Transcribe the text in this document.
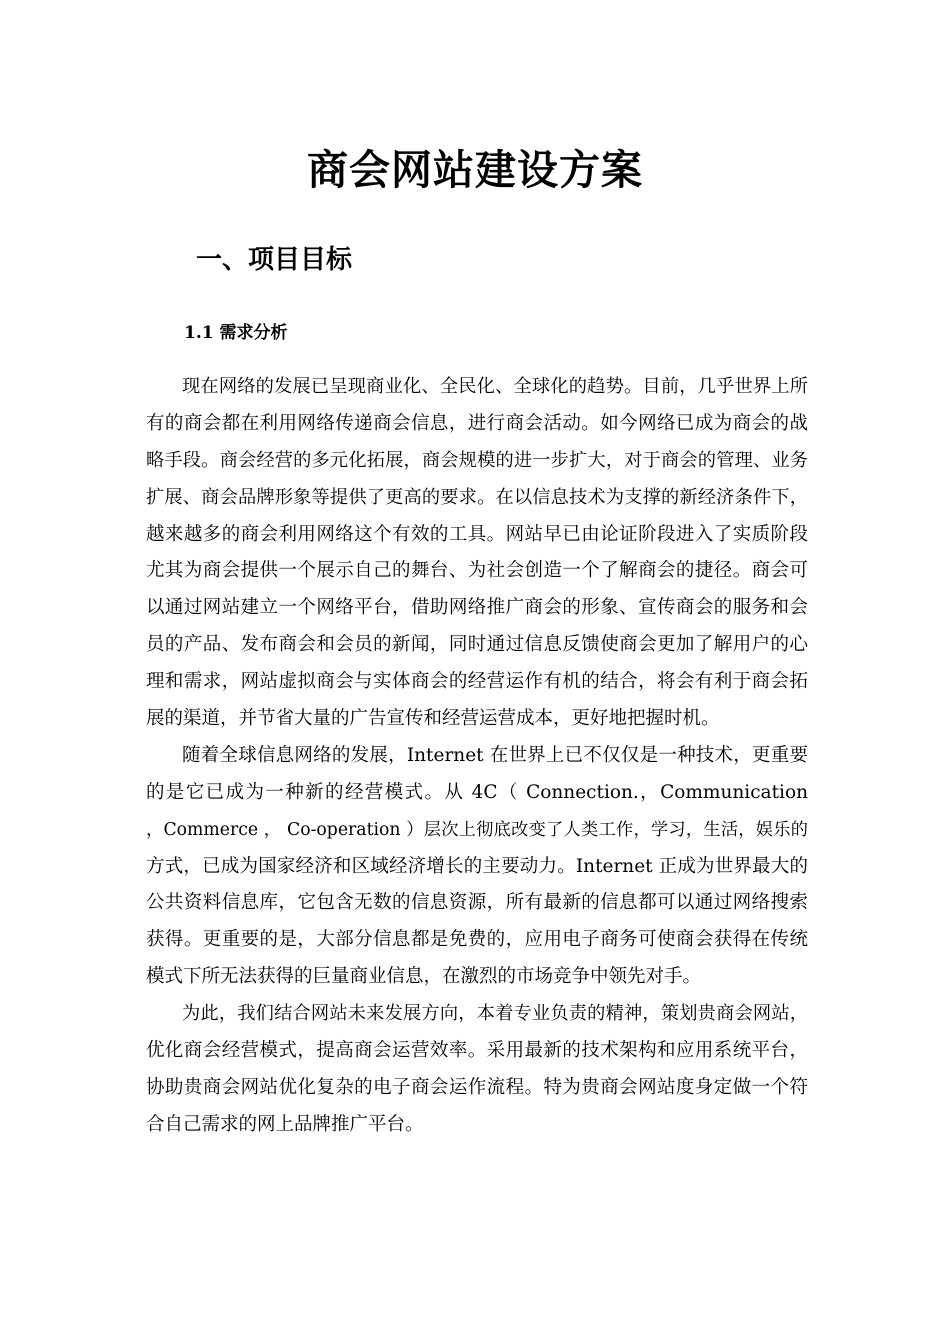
商会网站建设方案
一、项目目标
1.1 需求分析
现在网络的发展已呈现商业化、全民化、全球化的趋势。目前，几乎世界上所
有的商会都在利用网络传递商会信息，进行商会活动。如今网络已成为商会的战
略手段。商会经营的多元化拓展，商会规模的进一步扩大，对于商会的管理、业务
扩展、商会品牌形象等提供了更高的要求。在以信息技术为支撑的新经济条件下，
越来越多的商会利用网络这个有效的工具。网站早已由论证阶段进入了实质阶段
尤其为商会提供一个展示自己的舞台、为社会创造一个了解商会的捷径。商会可
以通过网站建立一个网络平台，借助网络推广商会的形象、宣传商会的服务和会
员的产品、发布商会和会员的新闻，同时通过信息反馈使商会更加了解用户的心
理和需求，网站虚拟商会与实体商会的经营运作有机的结合，将会有利于商会拓
展的渠道，并节省大量的广告宣传和经营运营成本，更好地把握时机。
随着全球信息网络的发展，Internet 在世界上已不仅仅是一种技术，更重要
的是它已成为一种新的经营模式。从 4C（ Connection.，Communication
，Commerce ， Co-operation ）层次上彻底改变了人类工作，学习，生活，娱乐的
方式，已成为国家经济和区域经济增长的主要动力。Internet 正成为世界最大的
公共资料信息库，它包含无数的信息资源，所有最新的信息都可以通过网络搜索
获得。更重要的是，大部分信息都是免费的，应用电子商务可使商会获得在传统
模式下所无法获得的巨量商业信息，在激烈的市场竞争中领先对手。
为此，我们结合网站未来发展方向，本着专业负责的精神，策划贵商会网站，
优化商会经营模式，提高商会运营效率。采用最新的技术架构和应用系统平台，
协助贵商会网站优化复杂的电子商会运作流程。特为贵商会网站度身定做一个符
合自己需求的网上品牌推广平台。
